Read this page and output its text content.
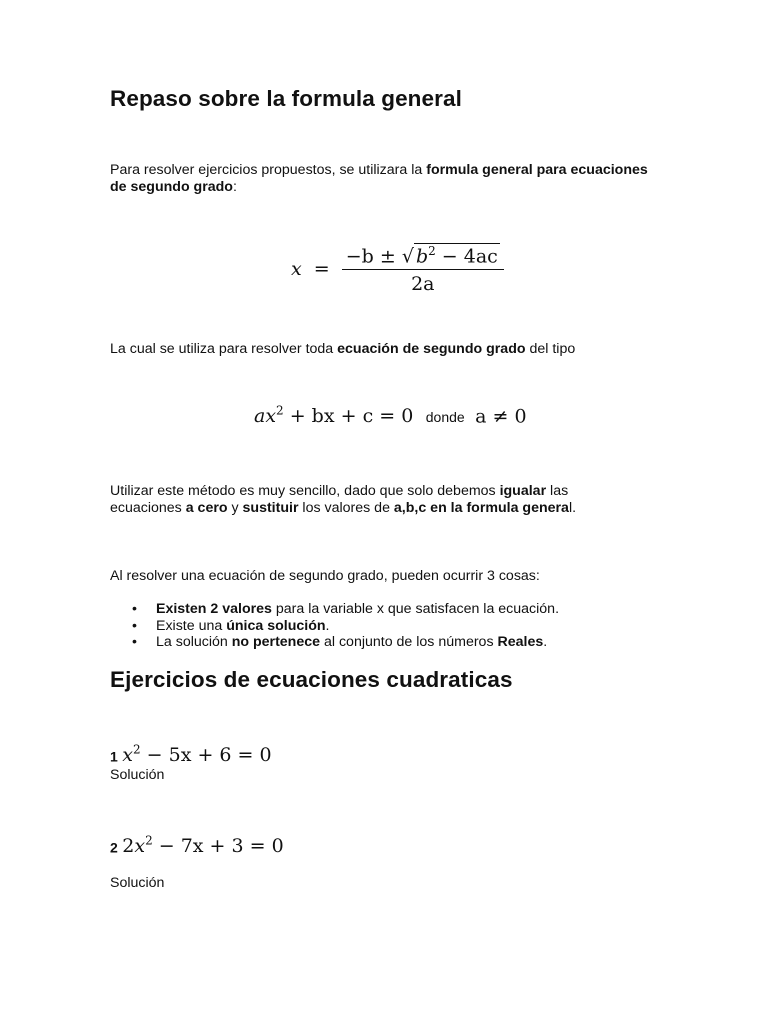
Repaso sobre la formula general

Para resolver ejercicios propuestos, se utilizara la formula general para ecuaciones de segundo grado:

$x = \frac{-b \pm √ b^2 - 4ac}{2a}$

La cual se utiliza para resolver toda ecuación de segundo grado del tipo

$ax^2$ + bx + c = 0 donde a ≠ 0

Utilizar este método es muy sencillo, dado que solo debemos igualar las ecuaciones a cero y sustituir los valores de a,b,c en la formula general.

Al resolver una ecuación de segundo grado, pueden ocurrir 3 cosas:

• Existen 2 valores para la variable x que satisfacen la ecuación.
• Existe una única solución.
• La solución no pertenece al conjunto de los números Reales.
Ejercicios de ecuaciones cuadraticas
1 $x^2 - 5x + 6 = 0$

Solución

2 $2x^2 - 7x + 3 = 0$

Solución
